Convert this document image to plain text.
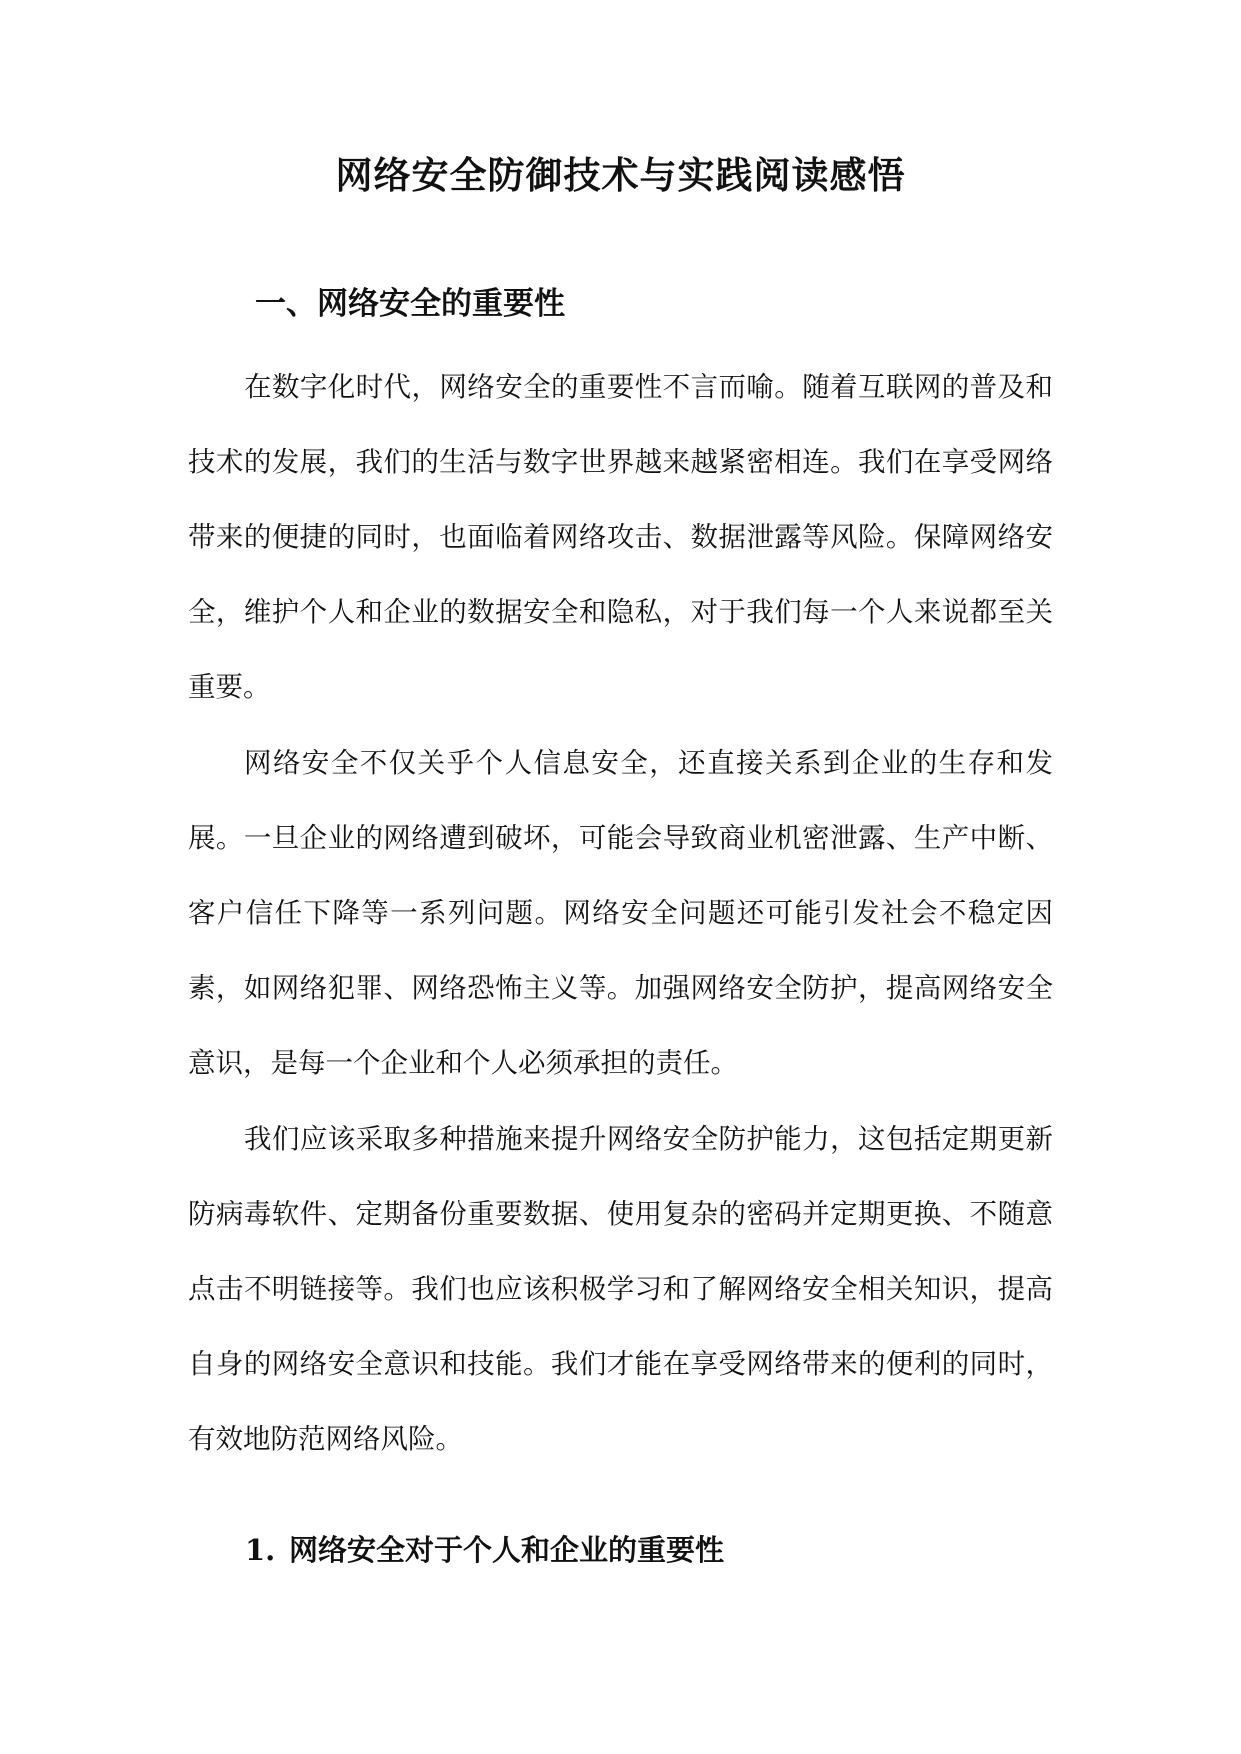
网络安全防御技术与实践阅读感悟
一、网络安全的重要性

在数字化时代，网络安全的重要性不言而喻。随着互联网的普及和技术的发展，我们的生活与数字世界越来越紧密相连。我们在享受网络带来的便捷的同时，也面临着网络攻击、数据泄露等风险。保障网络安全，维护个人和企业的数据安全和隐私，对于我们每一个人来说都至关重要。

网络安全不仅关乎个人信息安全，还直接关系到企业的生存和发展。一旦企业的网络遭到破坏，可能会导致商业机密泄露、生产中断、客户信任下降等一系列问题。网络安全问题还可能引发社会不稳定因素，如网络犯罪、网络恐怖主义等。加强网络安全防护，提高网络安全意识，是每一个企业和个人必须承担的责任。

我们应该采取多种措施来提升网络安全防护能力，这包括定期更新防病毒软件、定期备份重要数据、使用复杂的密码并定期更换、不随意点击不明链接等。我们也应该积极学习和了解网络安全相关知识，提高自身的网络安全意识和技能。我们才能在享受网络带来的便利的同时，有效地防范网络风险。

1. 网络安全对于个人和企业的重要性
